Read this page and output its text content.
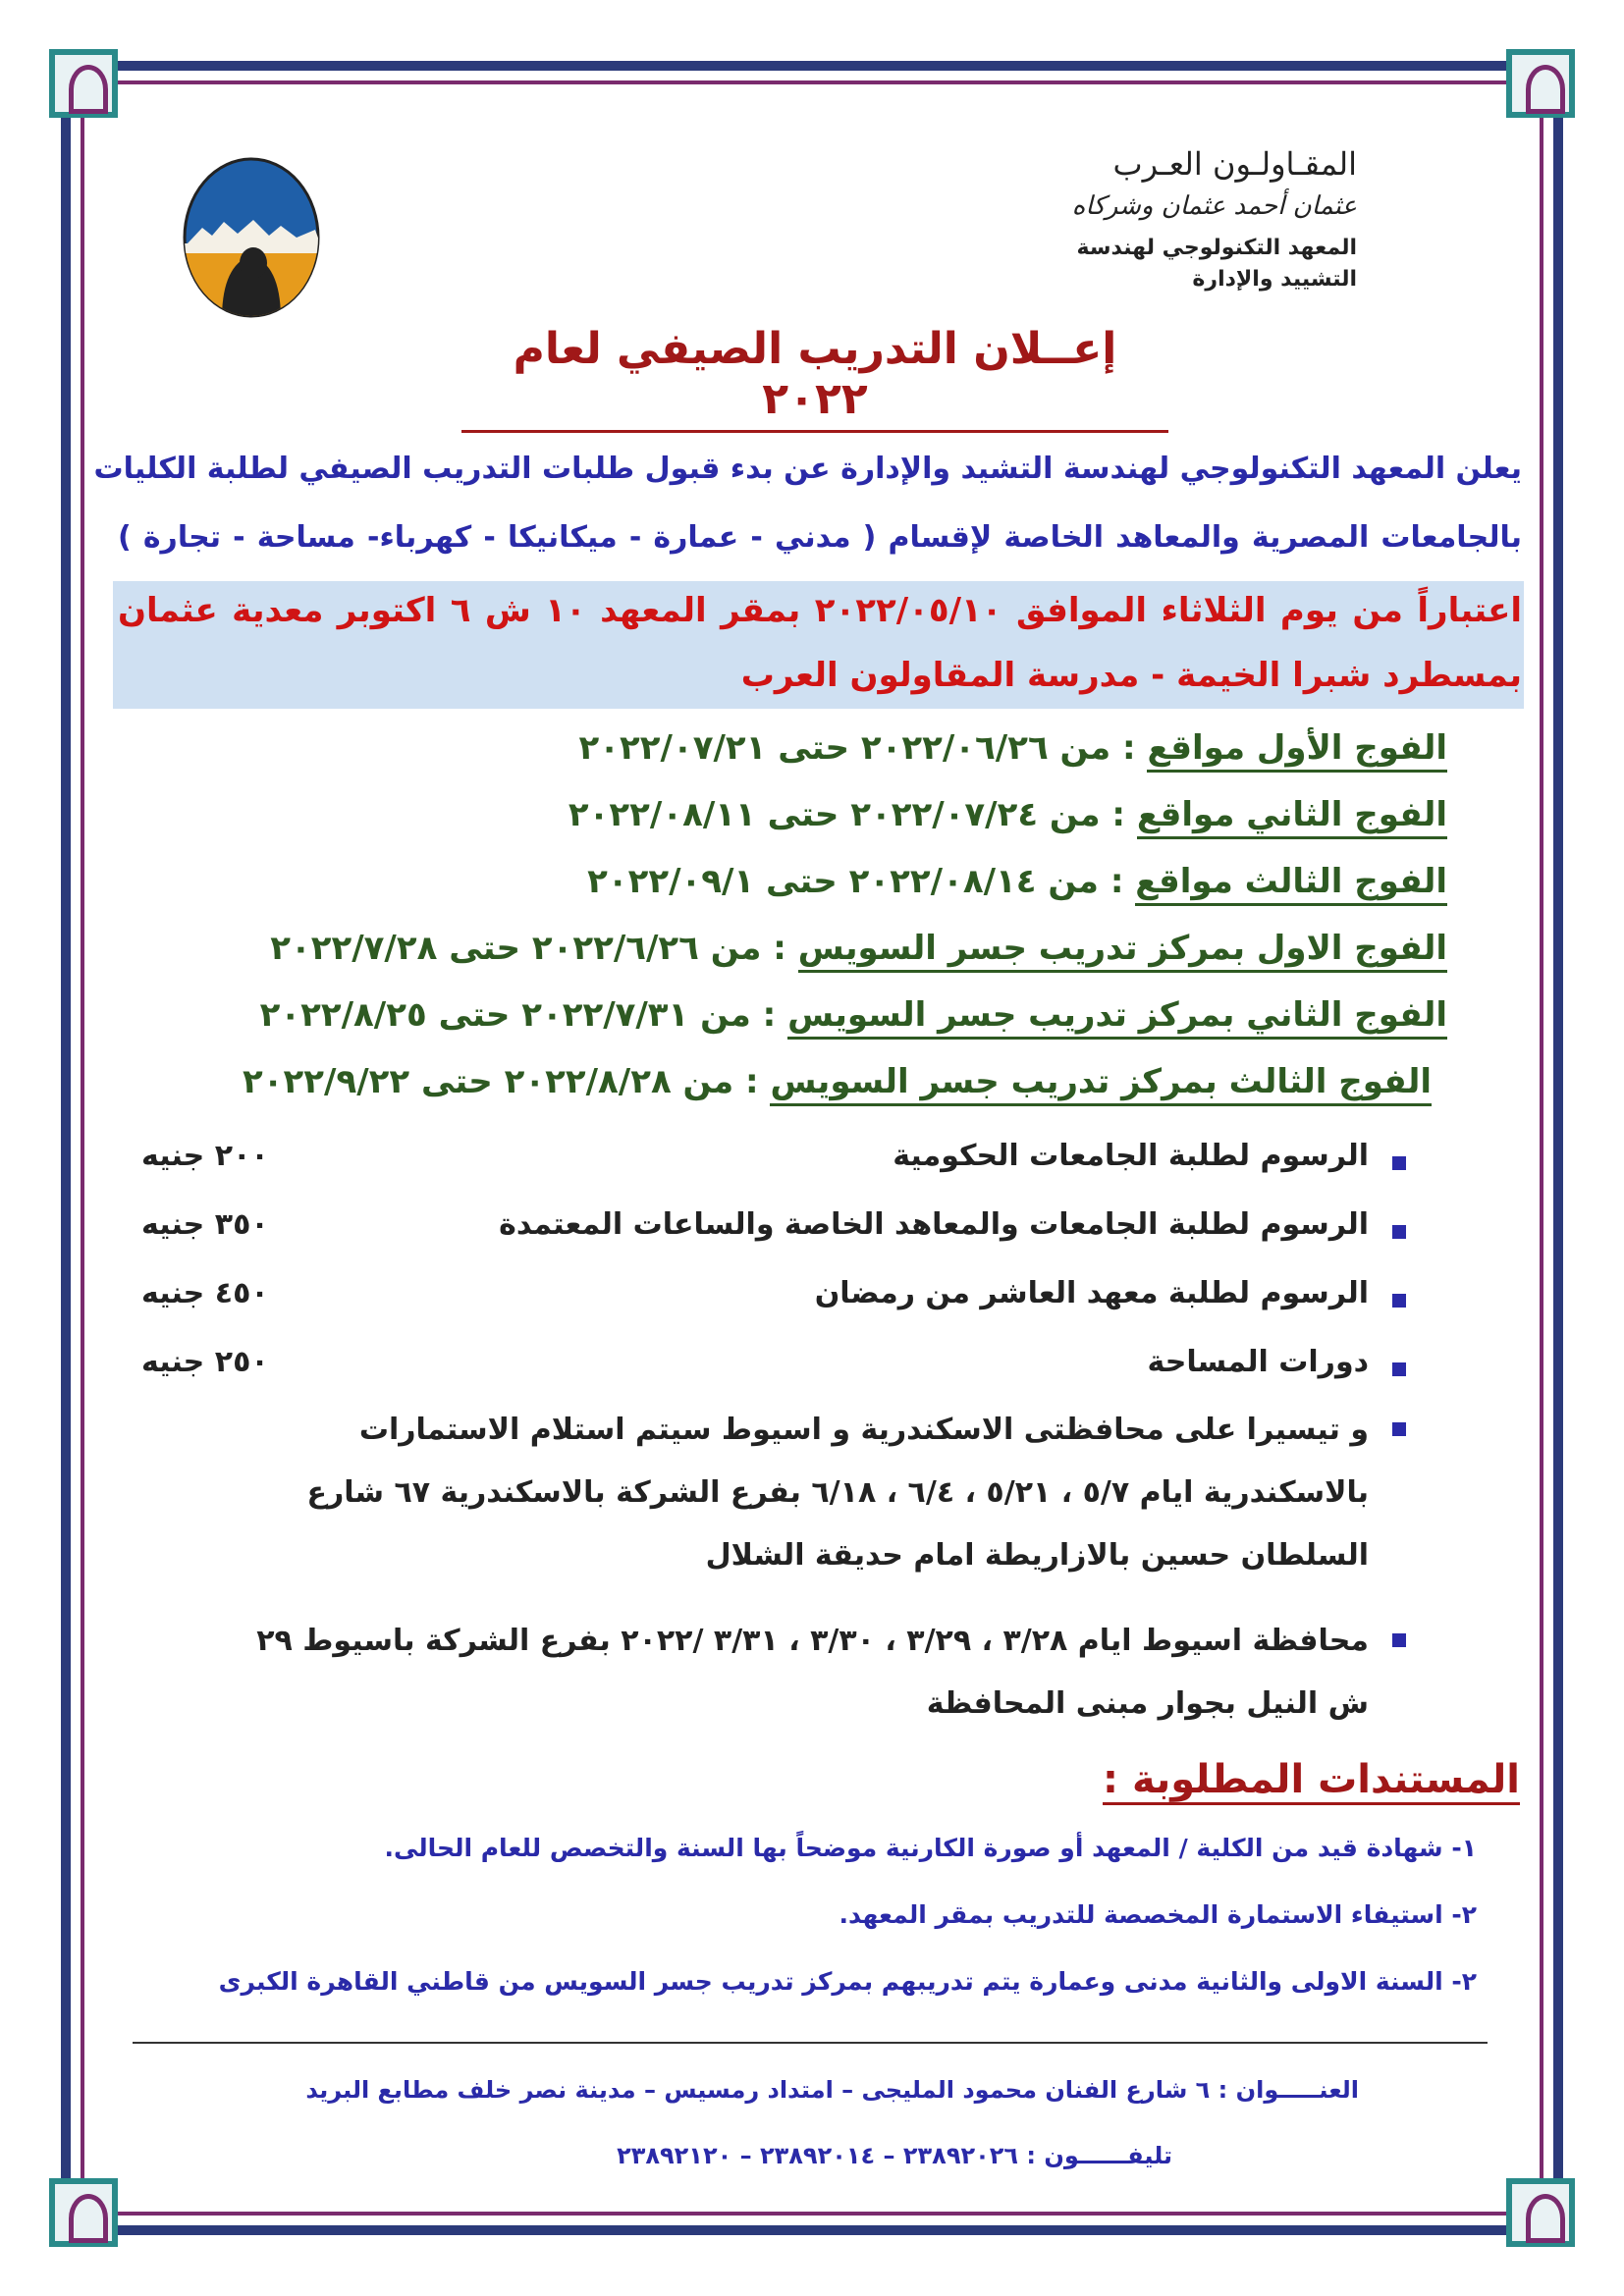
المقـاولـون العـرب
عثمان أحمد عثمان وشركاه
المعهد التكنولوجي لهندسة
التشييد والإدارة
إعــلان التدريب الصيفي لعام ٢٠٢٢
يعلن المعهد التكنولوجي لهندسة التشيد والإدارة عن بدء قبول طلبات التدريب الصيفي لطلبة الكليات
بالجامعات المصرية والمعاهد الخاصة لإقسام ( مدني - عمارة - ميكانيكا - كهرباء- مساحة - تجارة )
اعتباراً من يوم الثلاثاء الموافق ٢٠٢٢/٠٥/١٠ بمقر المعهد ١٠ ش ٦ اكتوبر معدية عثمان
بمسطرد شبرا الخيمة - مدرسة المقاولون العرب
الفوج الأول مواقع : من ٢٠٢٢/٠٦/٢٦ حتى ٢٠٢٢/٠٧/٢١
الفوج الثاني مواقع : من ٢٠٢٢/٠٧/٢٤ حتى ٢٠٢٢/٠٨/١١
الفوج الثالث مواقع : من ٢٠٢٢/٠٨/١٤ حتى ٢٠٢٢/٠٩/١
الفوج الاول بمركز تدريب جسر السويس : من ٢٠٢٢/٦/٢٦ حتى ٢٠٢٢/٧/٢٨
الفوج الثاني بمركز تدريب جسر السويس : من ٢٠٢٢/٧/٣١ حتى ٢٠٢٢/٨/٢٥
الفوج الثالث بمركز تدريب جسر السويس : من ٢٠٢٢/٨/٢٨ حتى ٢٠٢٢/٩/٢٢
الرسوم لطلبة الجامعات الحكومية
٢٠٠ جنيه
الرسوم لطلبة الجامعات والمعاهد الخاصة والساعات المعتمدة
٣٥٠ جنيه
الرسوم لطلبة معهد العاشر من رمضان
٤٥٠ جنيه
دورات المساحة
٢٥٠ جنيه
و تيسيرا على محافظتى الاسكندرية و اسيوط سيتم استلام الاستمارات بالاسكندرية ايام ٥/٧ ، ٥/٢١ ، ٦/٤ ، ٦/١٨ بفرع الشركة بالاسكندرية ٦٧ شارع السلطان حسين بالازاريطة امام حديقة الشلال
محافظة اسيوط ايام ٣/٢٨ ، ٣/٢٩ ، ٣/٣٠ ، ٣/٣١ /٢٠٢٢ بفرع الشركة باسيوط ٢٩ ش النيل بجوار مبنى المحافظة
المستندات المطلوبة :
١- شهادة قيد من الكلية / المعهد أو صورة الكارنية موضحاً بها السنة والتخصص للعام الحالى.
٢- استيفاء الاستمارة المخصصة للتدريب بمقر المعهد.
٢- السنة الاولى والثانية مدنى وعمارة يتم تدريبهم بمركز تدريب جسر السويس من قاطني القاهرة الكبرى
العنـــــوان : ٦ شارع الفنان محمود المليجى – امتداد رمسيس – مدينة نصر خلف مطابع البريد
تليفــــــون : ٢٣٨٩٢٠٢٦ – ٢٣٨٩٢٠١٤ – ٢٣٨٩٢١٢٠
